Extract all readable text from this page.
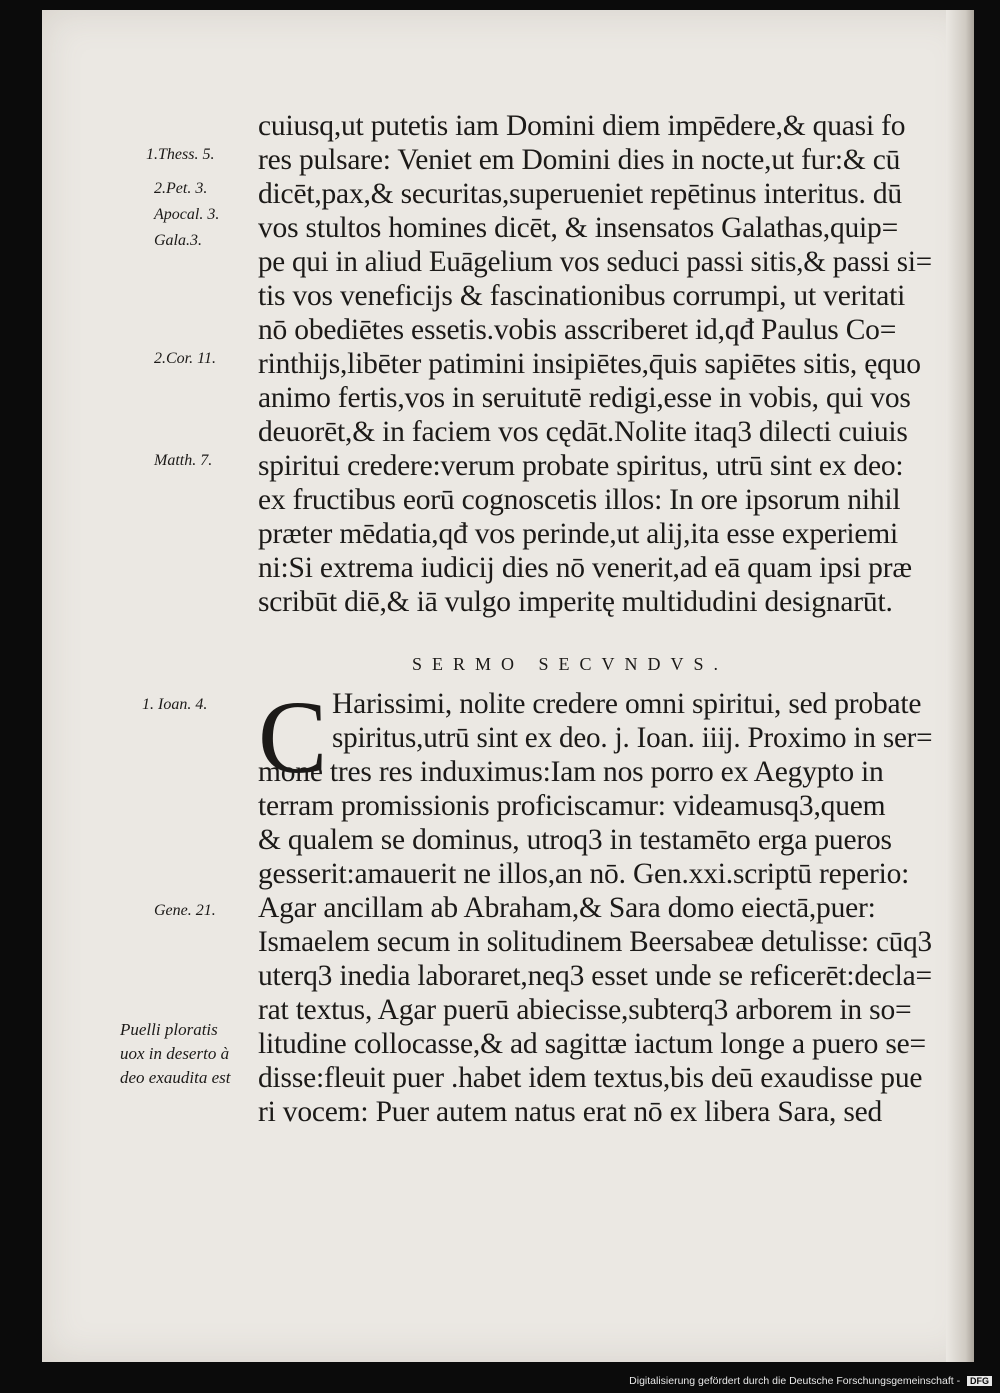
1.Thess. 5.
2.Pet. 3.
Apocal. 3.
Gala.3.
2.Cor. 11.
Matth. 7.
1. Ioan. 4.
Gene. 21.
Puelli ploratis
uox in deserto à
deo exaudita est
cuiusq,ut putetis iam Domini diem impēdere,& quasi fo
res pulsare: Veniet em Domini dies in nocte,ut fur:& cū
dicēt,pax,& securitas,superueniet repētinus interitus. dū
vos stultos homines dicēt, & insensatos Galathas,quip=
pe qui in aliud Euāgelium vos seduci passi sitis,& passi si=
tis vos veneficijs & fascinationibus corrumpi, ut veritati
nō obediētes essetis.vobis asscriberet id,qđ Paulus Co=
rinthijs,libēter patimini insipiētes,q̄uis sapiētes sitis, ęquo
animo fertis,vos in seruitutē redigi,esse in vobis, qui vos
deuorēt,& in faciem vos cędāt.Nolite itaq3 dilecti cuiuis
spiritui credere:verum probate spiritus, utrū sint ex deo:
ex fructibus eorū cognoscetis illos: In ore ipsorum nihil
præter mēdatia,qđ vos perinde,ut alij,ita esse experiemi
ni:Si extrema iudicij dies nō venerit,ad eā quam ipsi præ
scribūt diē,& iā vulgo imperitę multidudini designarūt.
SERMO SECVNDVS.
C Harissimi, nolite credere omni spiritui, sed probate
spiritus,utrū sint ex deo. j. Ioan. iiij. Proximo in ser=
mone tres res induximus:Iam nos porro ex Aegypto in
terram promissionis proficiscamur: videamusq3,quem
& qualem se dominus, utroq3 in testamēto erga pueros
gesserit:amauerit ne illos,an nō. Gen.xxi.scriptū reperio:
Agar ancillam ab Abraham,& Sara domo eiectā,puer:
Ismaelem secum in solitudinem Beersabeæ detulisse: cūq3
uterq3 inedia laboraret,neq3 esset unde se reficerēt:decla=
rat textus, Agar puerū abiecisse,subterq3 arborem in so=
litudine collocasse,& ad sagittæ iactum longe a puero se=
disse:fleuit puer .habet idem textus,bis deū exaudisse pue
ri vocem: Puer autem natus erat nō ex libera Sara, sed
Digitalisierung gefördert durch die Deutsche Forschungsgemeinschaft - DFG
